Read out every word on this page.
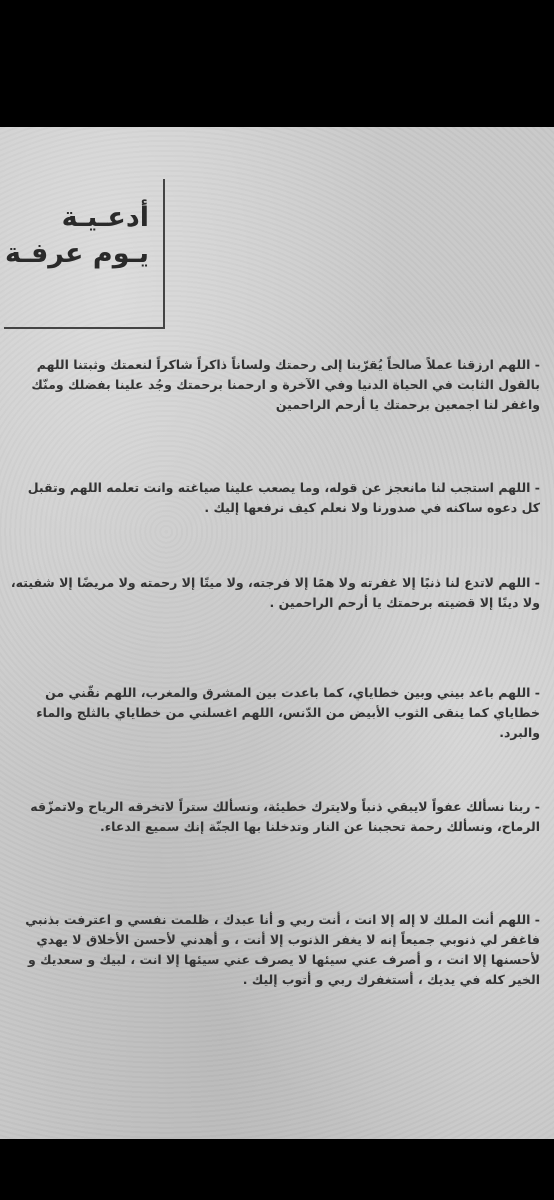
أدعـيـة
يـوم عرفـة
- اللهم ارزقنا عملاً صالحاً يُقرّبنا إلى رحمتك ولساناً ذاكراً شاكراً لنعمتك وثبتنا اللهم بالقول الثابت في الحياة الدنيا وفي الآخرة و ارحمنا برحمتك وجُد علينا بفضلك ومنّك واغفر لنا اجمعين برحمتك يا أرحم الراحمين
- اللهم استجب لنا مانعجز عن قوله، وما يصعب علينا صياغته وانت تعلمه اللهم وتقبل كل دعوه ساكنه في صدورنا ولا نعلم كيف نرفعها إليك .
- اللهم لاتدع لنا ذنبًا إلا غفرته ولا همًا إلا فرجته، ولا ميتًا إلا رحمته ولا مريضًا إلا شفيته، ولا دينًا إلا قضيته برحمتك يا أرحم الراحمين .
- اللهم باعد بيني وبين خطاياي، كما باعدت بين المشرق والمغرب، اللهم نقّني من خطاياي كما ينقى الثوب الأبيض من الدّنس، اللهم اغسلني من خطاياي بالثلج والماء والبرد.
- ربنا نسألك عفواً لايبقي ذنباً ولايترك خطيئة، ونسألك ستراً لاتخرقه الرياح ولاتمزّقه الرماح، ونسألك رحمة تحجبنا عن النار وتدخلنا بها الجنّة إنك سميع الدعاء.
- اللهم أنت الملك لا إله إلا انت ، أنت ربي و أنا عبدك ، ظلمت نفسي و اعترفت بذنبي فاغفر لي ذنوبي جميعاً إنه لا يغفر الذنوب إلا أنت ، و أهدني لأحسن الأخلاق لا يهدي لأحسنها إلا انت ، و أصرف عني سيئها لا يصرف عني سيئها إلا انت ، لبيك و سعديك و الخير كله في يديك ، أستغفرك ربي و أتوب إليك .
